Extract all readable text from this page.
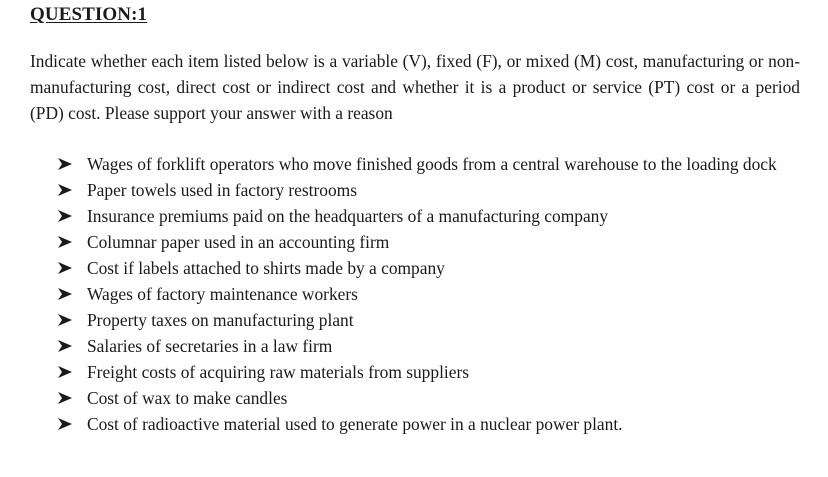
QUESTION:1

Indicate whether each item listed below is a variable (V), fixed (F), or mixed (M) cost, manufacturing or non-manufacturing cost, direct cost or indirect cost and whether it is a product or service (PT) cost or a period (PD) cost. Please support your answer with a reason

Wages of forklift operators who move finished goods from a central warehouse to the loading dock
Paper towels used in factory restrooms
Insurance premiums paid on the headquarters of a manufacturing company
Columnar paper used in an accounting firm
Cost if labels attached to shirts made by a company
Wages of factory maintenance workers
Property taxes on manufacturing plant
Salaries of secretaries in a law firm
Freight costs of acquiring raw materials from suppliers
Cost of wax to make candles
Cost of radioactive material used to generate power in a nuclear power plant.
